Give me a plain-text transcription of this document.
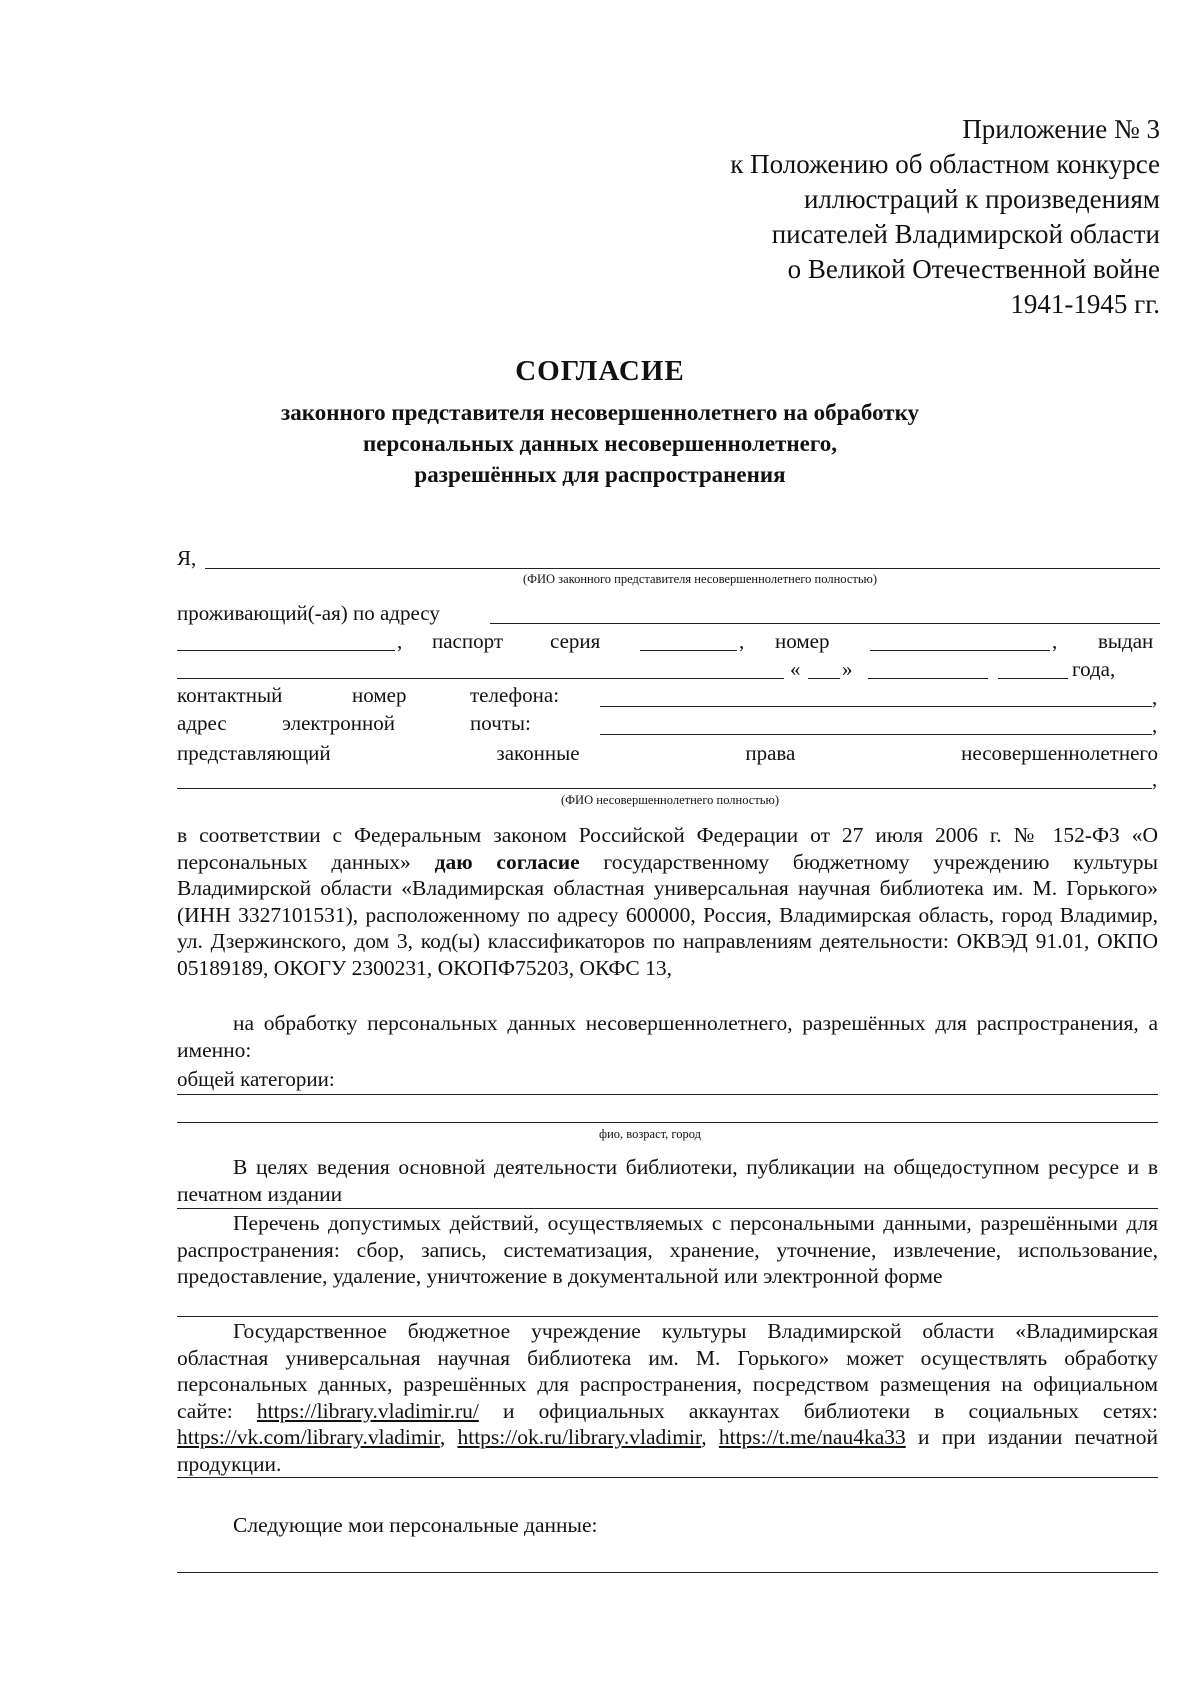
Приложение № 3
к Положению об областном конкурсе
иллюстраций к произведениям
писателей Владимирской области
о Великой Отечественной войне
1941-1945 гг.
СОГЛАСИЕ
законного представителя несовершеннолетнего на обработку
персональных данных несовершеннолетнего,
разрешённых для распространения
Я,
(ФИО законного представителя несовершеннолетнего полностью)
проживающий(-ая) по адресу
, паспорт серия	, номер	, выдан
« »	года,
контактный	номер	телефона:	,
адрес	электронной	почты:	,
представляющий	законные	права	несовершеннолетнего
,
(ФИО несовершеннолетнего полностью)
в соответствии с Федеральным законом Российской Федерации от 27 июля 2006 г. № 152-ФЗ «О персональных данных» даю согласие государственному бюджетному учреждению культуры Владимирской области «Владимирская областная универсальная научная библиотека им. М. Горького» (ИНН 3327101531), расположенному по адресу 600000, Россия, Владимирская область, город Владимир, ул. Дзержинского, дом 3, код(ы) классификаторов по направлениям деятельности: ОКВЭД 91.01, ОКПО 05189189, ОКОГУ 2300231, ОКОПФ75203, ОКФС 13,
на обработку персональных данных несовершеннолетнего, разрешённых для распространения, а именно:
общей категории:
фио, возраст, город
В целях ведения основной деятельности библиотеки, публикации на общедоступном ресурсе и в печатном издании
Перечень допустимых действий, осуществляемых с персональными данными, разрешёнными для распространения: сбор, запись, систематизация, хранение, уточнение, извлечение, использование, предоставление, удаление, уничтожение в документальной или электронной форме
Государственное бюджетное учреждение культуры Владимирской области «Владимирская областная универсальная научная библиотека им. М. Горького» может осуществлять обработку персональных данных, разрешённых для распространения, посредством размещения на официальном сайте: https://library.vladimir.ru/ и официальных аккаунтах библиотеки в социальных сетях: https://vk.com/library.vladimir, https://ok.ru/library.vladimir, https://t.me/nau4ka33 и при издании печатной продукции.
Следующие мои персональные данные:
